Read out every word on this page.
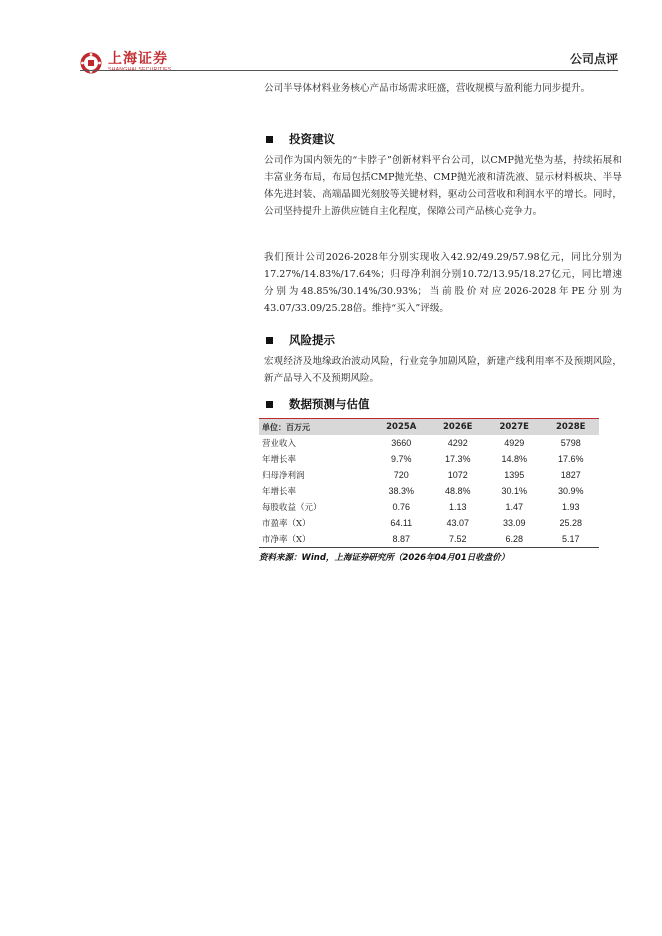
上海证券
SHANGHAI SECURITIES
公司点评
公司半导体材料业务核心产品市场需求旺盛，营收规模与盈利能力同步提升。
投资建议
公司作为国内领先的“卡脖子”创新材料平台公司，以CMP抛光垫为基，持续拓展和丰富业务布局，布局包括CMP抛光垫、CMP抛光液和清洗液、显示材料板块、半导体先进封装、高端晶圆光刻胶等关键材料，驱动公司营收和利润水平的增长。同时，公司坚持提升上游供应链自主化程度，保障公司产品核心竞争力。
我们预计公司2026-2028年分别实现收入42.92/49.29/57.98亿元，同比分别为17.27%/14.83%/17.64%；归母净利润分别10.72/13.95/18.27亿元，同比增速分别为48.85%/30.14%/30.93%；当前股价对应2026-2028年PE分别为43.07/33.09/25.28倍。维持“买入”评级。
风险提示
宏观经济及地缘政治波动风险，行业竞争加剧风险，新建产线利用率不及预期风险，新产品导入不及预期风险。
数据预测与估值
单位：百万元	2025A	2026E	2027E	2028E
营业收入	3660	4292	4929	5798
年增长率	9.7%	17.3%	14.8%	17.6%
归母净利润	720	1072	1395	1827
年增长率	38.3%	48.8%	30.1%	30.9%
每股收益（元）	0.76	1.13	1.47	1.93
市盈率（X）	64.11	43.07	33.09	25.28
市净率（X）	8.87	7.52	6.28	5.17
资料来源：Wind，上海证券研究所（2026年04月01日收盘价）
